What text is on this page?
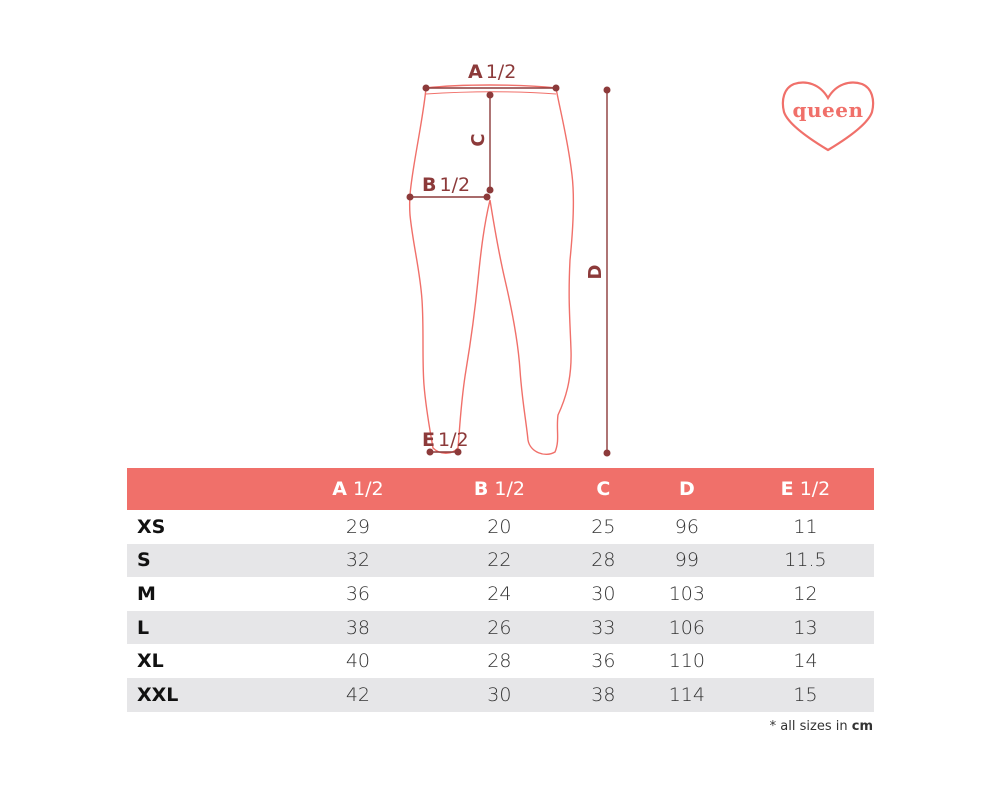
A 1/2
C
B 1/2
D
E 1/2
queen
	A 1/2	B 1/2	C	D	E 1/2
XS	29	20	25	96	11
S	32	22	28	99	11.5
M	36	24	30	103	12
L	38	26	33	106	13
XL	40	28	36	110	14
XXL	42	30	38	114	15
* all sizes in cm
